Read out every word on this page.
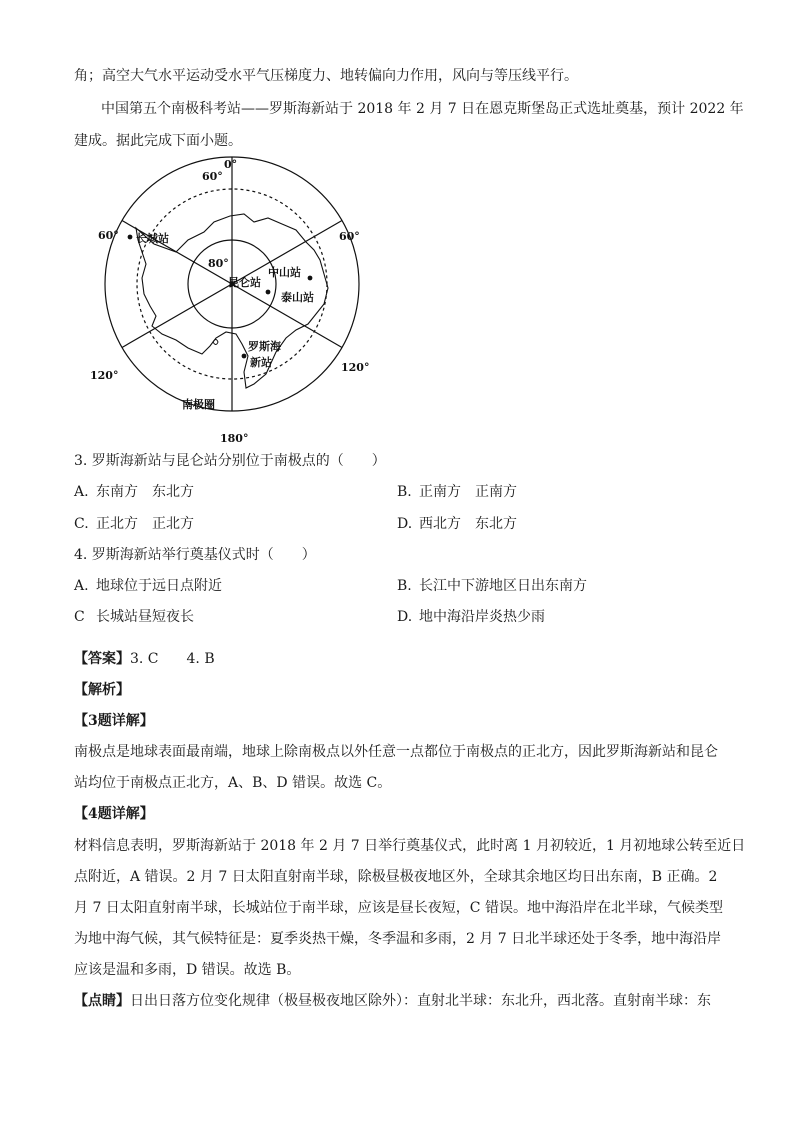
角；高空大气水平运动受水平气压梯度力、地转偏向力作用，风向与等压线平行。
中国第五个南极科考站——罗斯海新站于 2018 年 2 月 7 日在恩克斯堡岛正式选址奠基，预计 2022 年
建成。据此完成下面小题。
0°
180°
60°
60°	60°
120°
120°
80°
长城站
昆仑站
中山站
泰山站
罗斯海
新站
南极圈
3. 罗斯海新站与昆仑站分别位于南极点的（　　）
A. 东南方 东北方	B. 正南方 正南方
C. 正北方 正北方	D. 西北方 东北方
4. 罗斯海新站举行奠基仪式时（　　）
A. 地球位于远日点附近	B. 长江中下游地区日出东南方
C 长城站昼短夜长	D. 地中海沿岸炎热少雨
【答案】3. C　　4. B
【解析】
【3题详解】
南极点是地球表面最南端，地球上除南极点以外任意一点都位于南极点的正北方，因此罗斯海新站和昆仑
站均位于南极点正北方，A、B、D 错误。故选 C。
【4题详解】
材料信息表明，罗斯海新站于 2018 年 2 月 7 日举行奠基仪式，此时离 1 月初较近，1 月初地球公转至近日
点附近，A 错误。2 月 7 日太阳直射南半球，除极昼极夜地区外，全球其余地区均日出东南，B 正确。2
月 7 日太阳直射南半球，长城站位于南半球，应该是昼长夜短，C 错误。地中海沿岸在北半球，气候类型
为地中海气候，其气候特征是：夏季炎热干燥，冬季温和多雨，2 月 7 日北半球还处于冬季，地中海沿岸
应该是温和多雨，D 错误。故选 B。
【点睛】日出日落方位变化规律（极昼极夜地区除外）：直射北半球：东北升，西北落。直射南半球：东
